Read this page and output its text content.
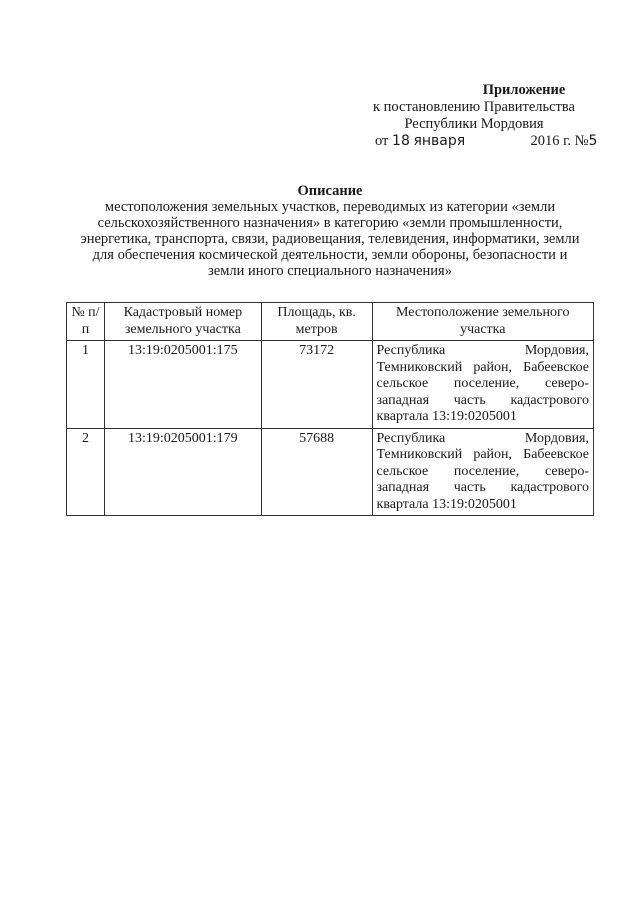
Приложение
к постановлению Правительства
Республики Мордовия
от 18 января	2016 г. №5
Описание
местоположения земельных участков, переводимых из категории «земли
сельскохозяйственного назначения» в категорию «земли промышленности,
энергетика, транспорта, связи, радиовещания, телевидения, информатики, земли
для обеспечения космической деятельности, земли обороны, безопасности и
земли иного специального назначения»
№ п/п	Кадастровый номер земельного участка	Площадь, кв. метров	Местоположение земельного участка
1	13:19:0205001:175	73172	Республика Мордовия, Темниковский район, Бабеевское сельское поселение, северо-западная часть кадастрового квартала 13:19:0205001
2	13:19:0205001:179	57688	Республика Мордовия, Темниковский район, Бабеевское сельское поселение, северо-западная часть кадастрового квартала 13:19:0205001
